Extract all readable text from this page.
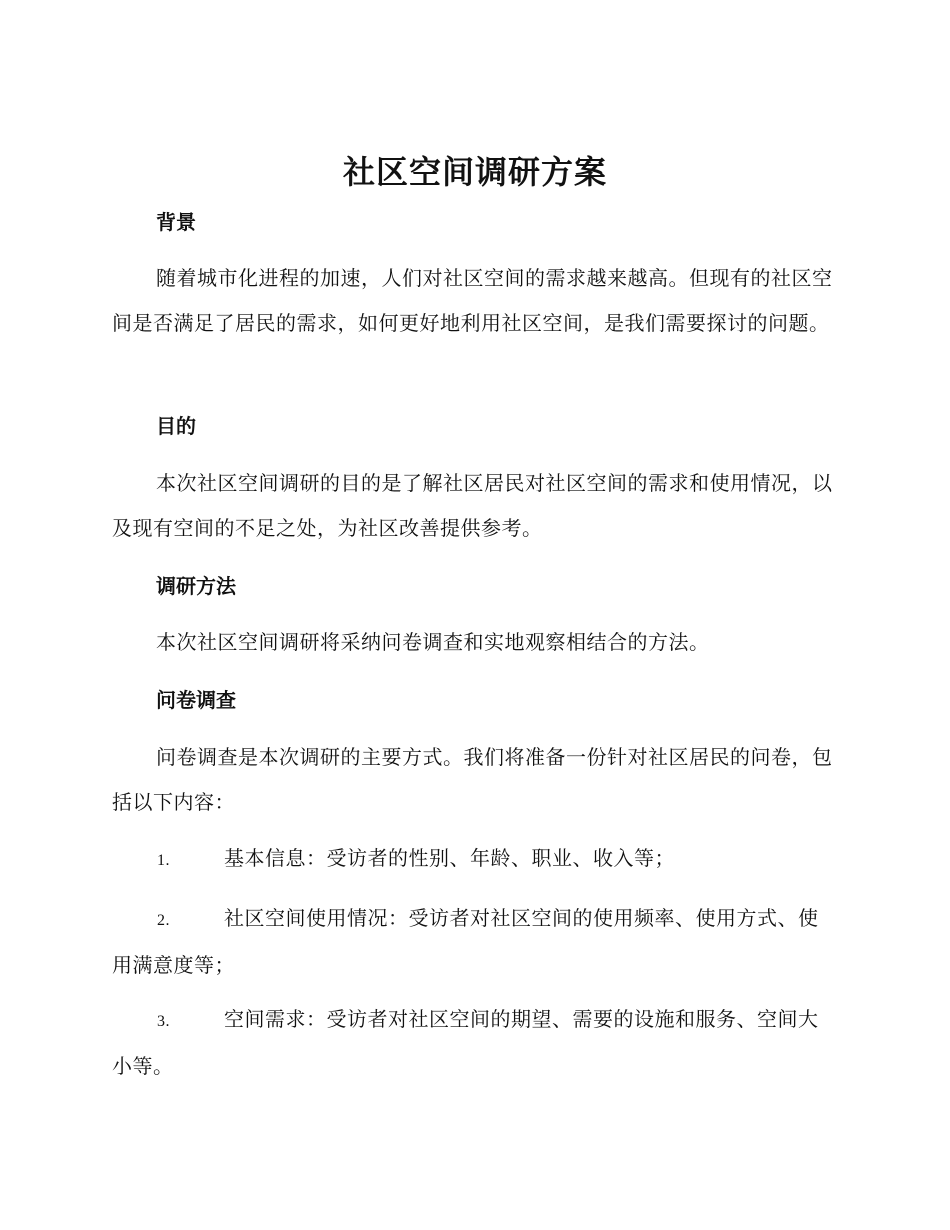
社区空间调研方案
背景

随着城市化进程的加速，人们对社区空间的需求越来越高。但现有的社区空间是否满足了居民的需求，如何更好地利用社区空间，是我们需要探讨的问题。

目的

本次社区空间调研的目的是了解社区居民对社区空间的需求和使用情况，以及现有空间的不足之处，为社区改善提供参考。

调研方法

本次社区空间调研将采纳问卷调查和实地观察相结合的方法。

问卷调查

问卷调查是本次调研的主要方式。我们将准备一份针对社区居民的问卷，包括以下内容：

1.	基本信息：受访者的性别、年龄、职业、收入等；

2.	社区空间使用情况：受访者对社区空间的使用频率、使用方式、使用满意度等；

3.	空间需求：受访者对社区空间的期望、需要的设施和服务、空间大小等。
